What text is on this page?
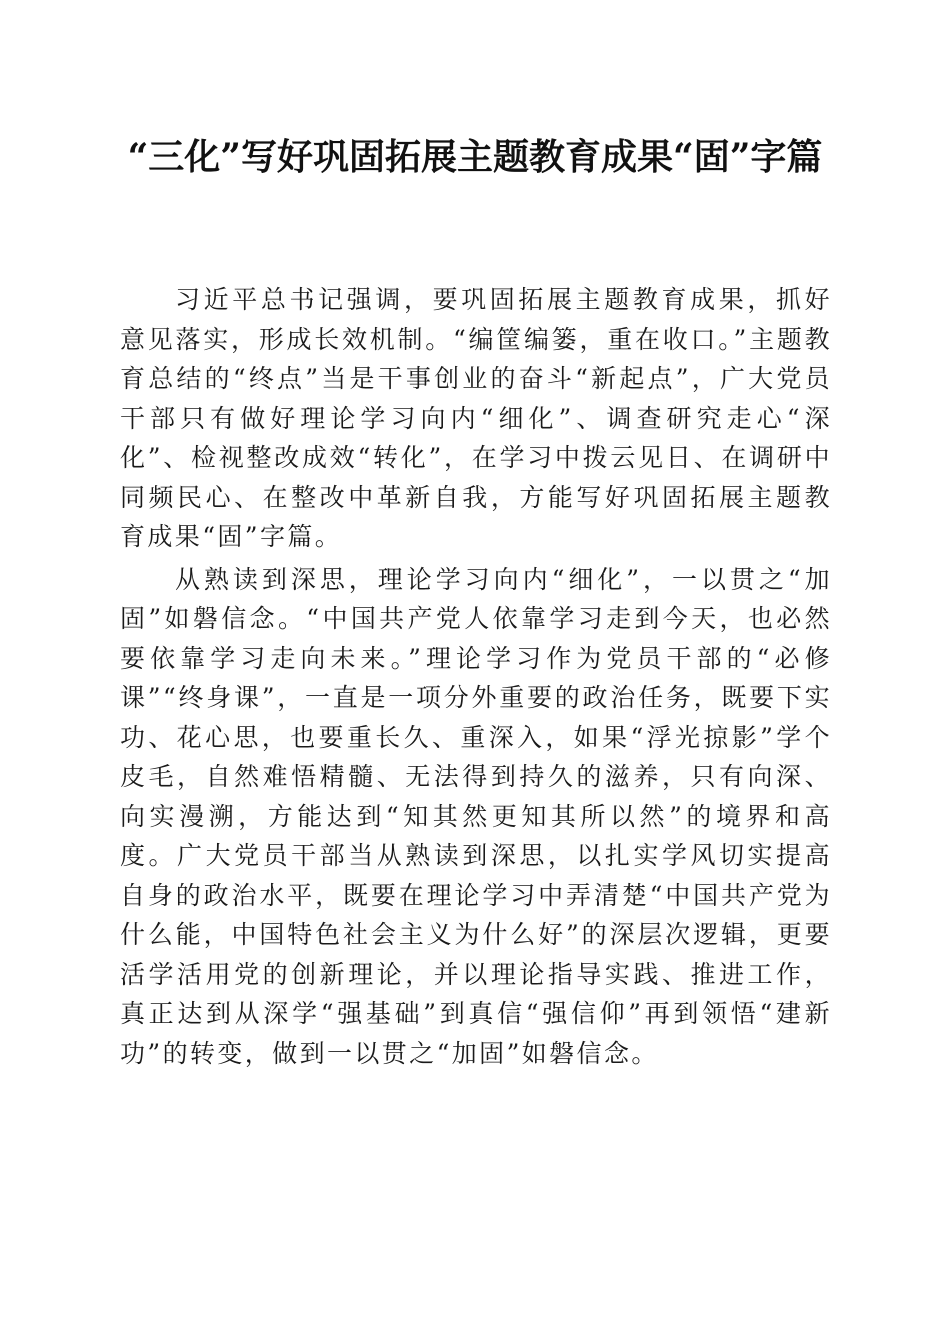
“三化”写好巩固拓展主题教育成果“固”字篇

习近平总书记强调，要巩固拓展主题教育成果，抓好意见落实，形成长效机制。“编筐编篓，重在收口。”主题教育总结的“终点”当是干事创业的奋斗“新起点”，广大党员干部只有做好理论学习向内“细化”、调查研究走心“深化”、检视整改成效“转化”，在学习中拨云见日、在调研中同频民心、在整改中革新自我，方能写好巩固拓展主题教育成果“固”字篇。

从熟读到深思，理论学习向内“细化”，一以贯之“加固”如磐信念。“中国共产党人依靠学习走到今天，也必然要依靠学习走向未来。”理论学习作为党员干部的“必修课”“终身课”，一直是一项分外重要的政治任务，既要下实功、花心思，也要重长久、重深入，如果“浮光掠影”学个皮毛，自然难悟精髓、无法得到持久的滋养，只有向深、向实漫溯，方能达到“知其然更知其所以然”的境界和高度。广大党员干部当从熟读到深思，以扎实学风切实提高自身的政治水平，既要在理论学习中弄清楚“中国共产党为什么能，中国特色社会主义为什么好”的深层次逻辑，更要活学活用党的创新理论，并以理论指导实践、推进工作，真正达到从深学“强基础”到真信“强信仰”再到领悟“建新功”的转变，做到一以贯之“加固”如磐信念。
